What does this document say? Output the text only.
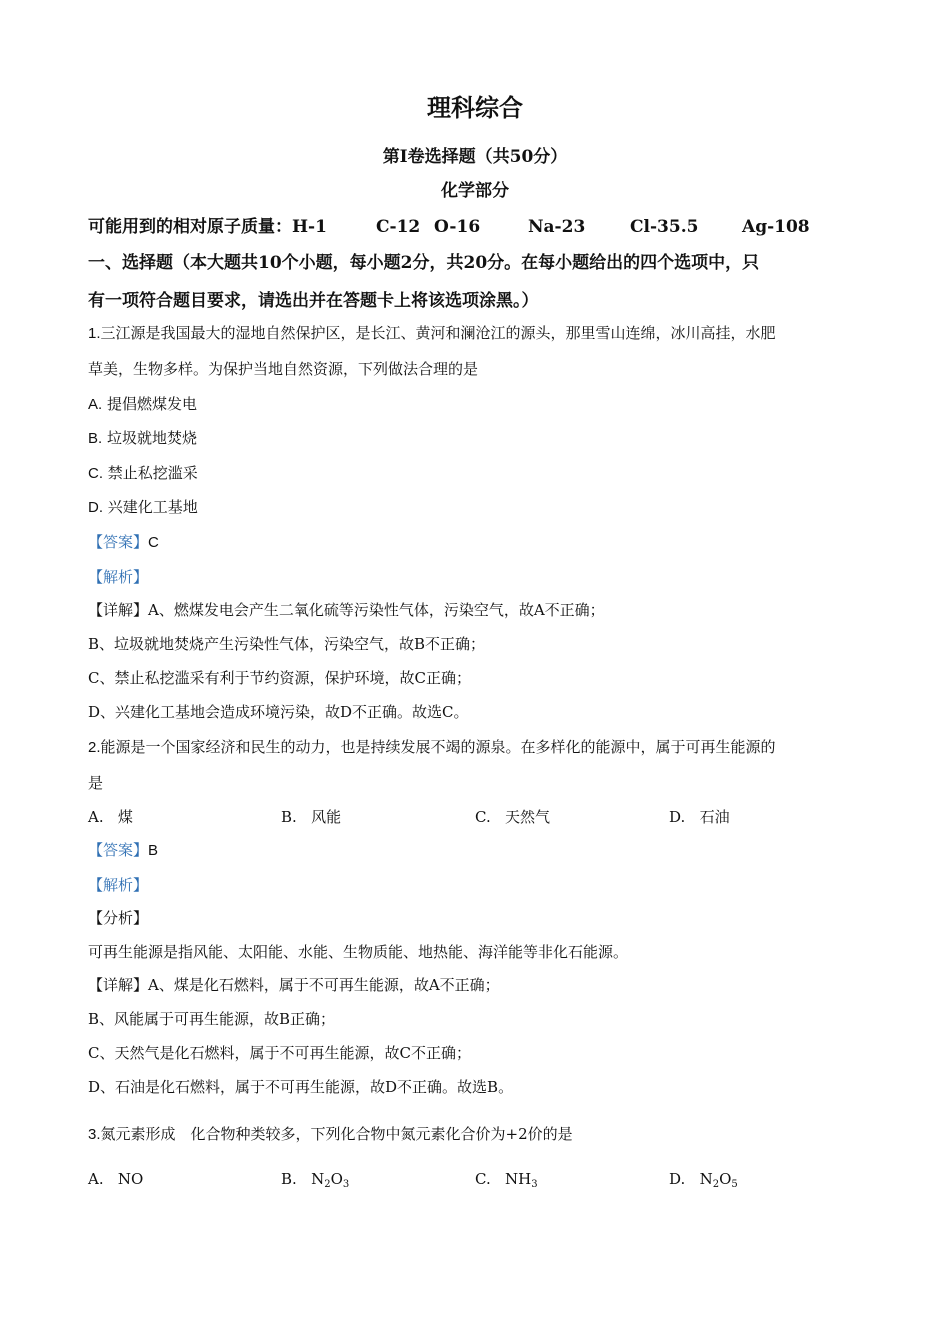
理科综合
第Ⅰ卷选择题（共50分）
化学部分
可能用到的相对原子质量：H-1	C-12 O-16	Na-23	Cl-35.5	Ag-108
一、选择题（本大题共10个小题，每小题2分，共20分。在每小题给出的四个选项中，只
有一项符合题目要求，请选出并在答题卡上将该选项涂黑。）
1.三江源是我国最大的湿地自然保护区，是长江、黄河和澜沧江的源头，那里雪山连绵，冰川高挂，水肥
草美，生物多样。为保护当地自然资源，下列做法合理的是
A. 提倡燃煤发电
B. 垃圾就地焚烧
C. 禁止私挖滥采
D. 兴建化工基地
【答案】C
【解析】
【详解】A、燃煤发电会产生二氧化硫等污染性气体，污染空气，故A不正确；
B、垃圾就地焚烧产生污染性气体，污染空气，故B不正确；
C、禁止私挖滥采有利于节约资源，保护环境，故C正确；
D、兴建化工基地会造成环境污染，故D不正确。故选C。
2.能源是一个国家经济和民生的动力，也是持续发展不竭的源泉。在多样化的能源中，属于可再生能源的
是
A. 煤	B. 风能	C. 天然气	D. 石油
【答案】B
【解析】
【分析】
可再生能源是指风能、太阳能、水能、生物质能、地热能、海洋能等非化石能源。
【详解】A、煤是化石燃料，属于不可再生能源，故A不正确；
B、风能属于可再生能源，故B正确；
C、天然气是化石燃料，属于不可再生能源，故C不正确；
D、石油是化石燃料，属于不可再生能源，故D不正确。故选B。
3.氮元素形成　化合物种类较多，下列化合物中氮元素化合价为+2价的是
A. NO	B. $N_2O_3$	C. $NH_3$	D. $N_2O_5$
